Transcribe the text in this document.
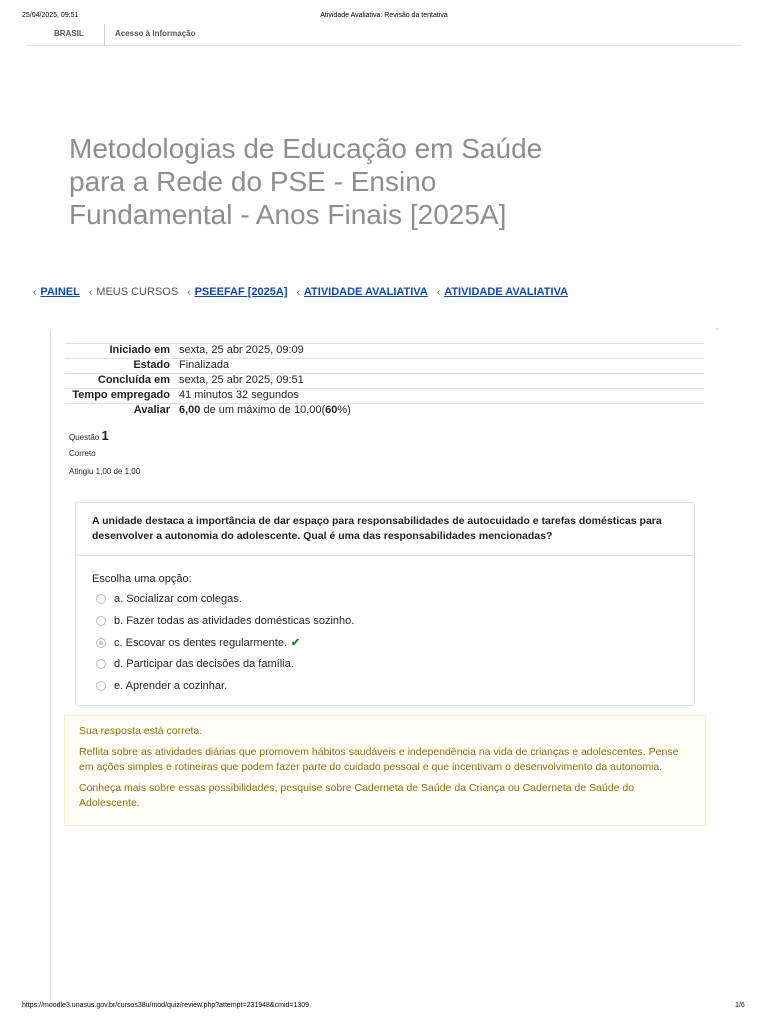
25/04/2025, 09:51	Atividade Avaliativa: Revisão da tentativa
BRASIL	Acesso à informação
Metodologias de Educação em Saúde para a Rede do PSE - Ensino Fundamental - Anos Finais [2025A]
‹ PAINEL ‹ MEUS CURSOS ‹ PSEEFAF [2025A] ‹ ATIVIDADE AVALIATIVA ‹ ATIVIDADE AVALIATIVA
Iniciado em	sexta, 25 abr 2025, 09:09
Estado	Finalizada
Concluída em	sexta, 25 abr 2025, 09:51
Tempo empregado	41 minutos 32 segundos
Avaliar	6,00 de um máximo de 10,00(60%)
Questão 1
Correto
Atingiu 1,00 de 1,00
A unidade destaca a importância de dar espaço para responsabilidades de autocuidado e tarefas domésticas para desenvolver a autonomia do adolescente. Qual é uma das responsabilidades mencionadas?
Escolha uma opção:
a. Socializar com colegas.
b. Fazer todas as atividades domésticas sozinho.
c. Escovar os dentes regularmente. ✔
d. Participar das decisões da família.
e. Aprender a cozinhar.
Sua resposta está correta.
Reflita sobre as atividades diárias que promovem hábitos saudáveis e independência na vida de crianças e adolescentes. Pense em ações simples e rotineiras que podem fazer parte do cuidado pessoal e que incentivam o desenvolvimento da autonomia.
Conheça mais sobre essas possibilidades, pesquise sobre Caderneta de Saúde da Criança ou Caderneta de Saúde do Adolescente.
https://moodle3.unasus.gov.br/cursos38u/mod/quiz/review.php?attempt=231948&cmid=1309	1/6
